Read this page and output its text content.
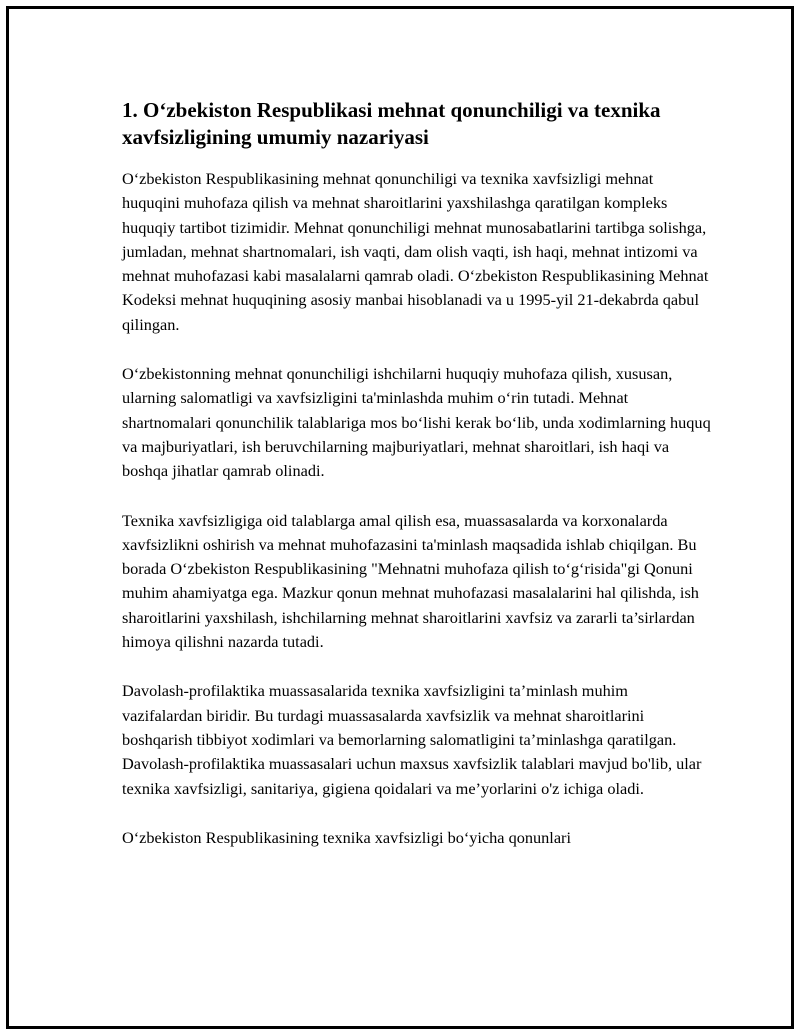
1. O‘zbekiston Respublikasi mehnat qonunchiligi va texnika xavfsizligining umumiy nazariyasi

O‘zbekiston Respublikasining mehnat qonunchiligi va texnika xavfsizligi mehnat huquqini muhofaza qilish va mehnat sharoitlarini yaxshilashga qaratilgan kompleks huquqiy tartibot tizimidir. Mehnat qonunchiligi mehnat munosabatlarini tartibga solishga, jumladan, mehnat shartnomalari, ish vaqti, dam olish vaqti, ish haqi, mehnat intizomi va mehnat muhofazasi kabi masalalarni qamrab oladi. O‘zbekiston Respublikasining Mehnat Kodeksi mehnat huquqining asosiy manbai hisoblanadi va u 1995-yil 21-dekabrda qabul qilingan.

O‘zbekistonning mehnat qonunchiligi ishchilarni huquqiy muhofaza qilish, xususan, ularning salomatligi va xavfsizligini ta'minlashda muhim o‘rin tutadi. Mehnat shartnomalari qonunchilik talablariga mos bo‘lishi kerak bo‘lib, unda xodimlarning huquq va majburiyatlari, ish beruvchilarning majburiyatlari, mehnat sharoitlari, ish haqi va boshqa jihatlar qamrab olinadi.

Texnika xavfsizligiga oid talablarga amal qilish esa, muassasalarda va korxonalarda xavfsizlikni oshirish va mehnat muhofazasini ta'minlash maqsadida ishlab chiqilgan. Bu borada O‘zbekiston Respublikasining "Mehnatni muhofaza qilish to‘g‘risida"gi Qonuni muhim ahamiyatga ega. Mazkur qonun mehnat muhofazasi masalalarini hal qilishda, ish sharoitlarini yaxshilash, ishchilarning mehnat sharoitlarini xavfsiz va zararli ta’sirlardan himoya qilishni nazarda tutadi.

Davolash-profilaktika muassasalarida texnika xavfsizligini ta’minlash muhim vazifalardan biridir. Bu turdagi muassasalarda xavfsizlik va mehnat sharoitlarini boshqarish tibbiyot xodimlari va bemorlarning salomatligini ta’minlashga qaratilgan. Davolash-profilaktika muassasalari uchun maxsus xavfsizlik talablari mavjud bo'lib, ular texnika xavfsizligi, sanitariya, gigiena qoidalari va me’yorlarini o'z ichiga oladi.

O‘zbekiston Respublikasining texnika xavfsizligi bo‘yicha qonunlari
